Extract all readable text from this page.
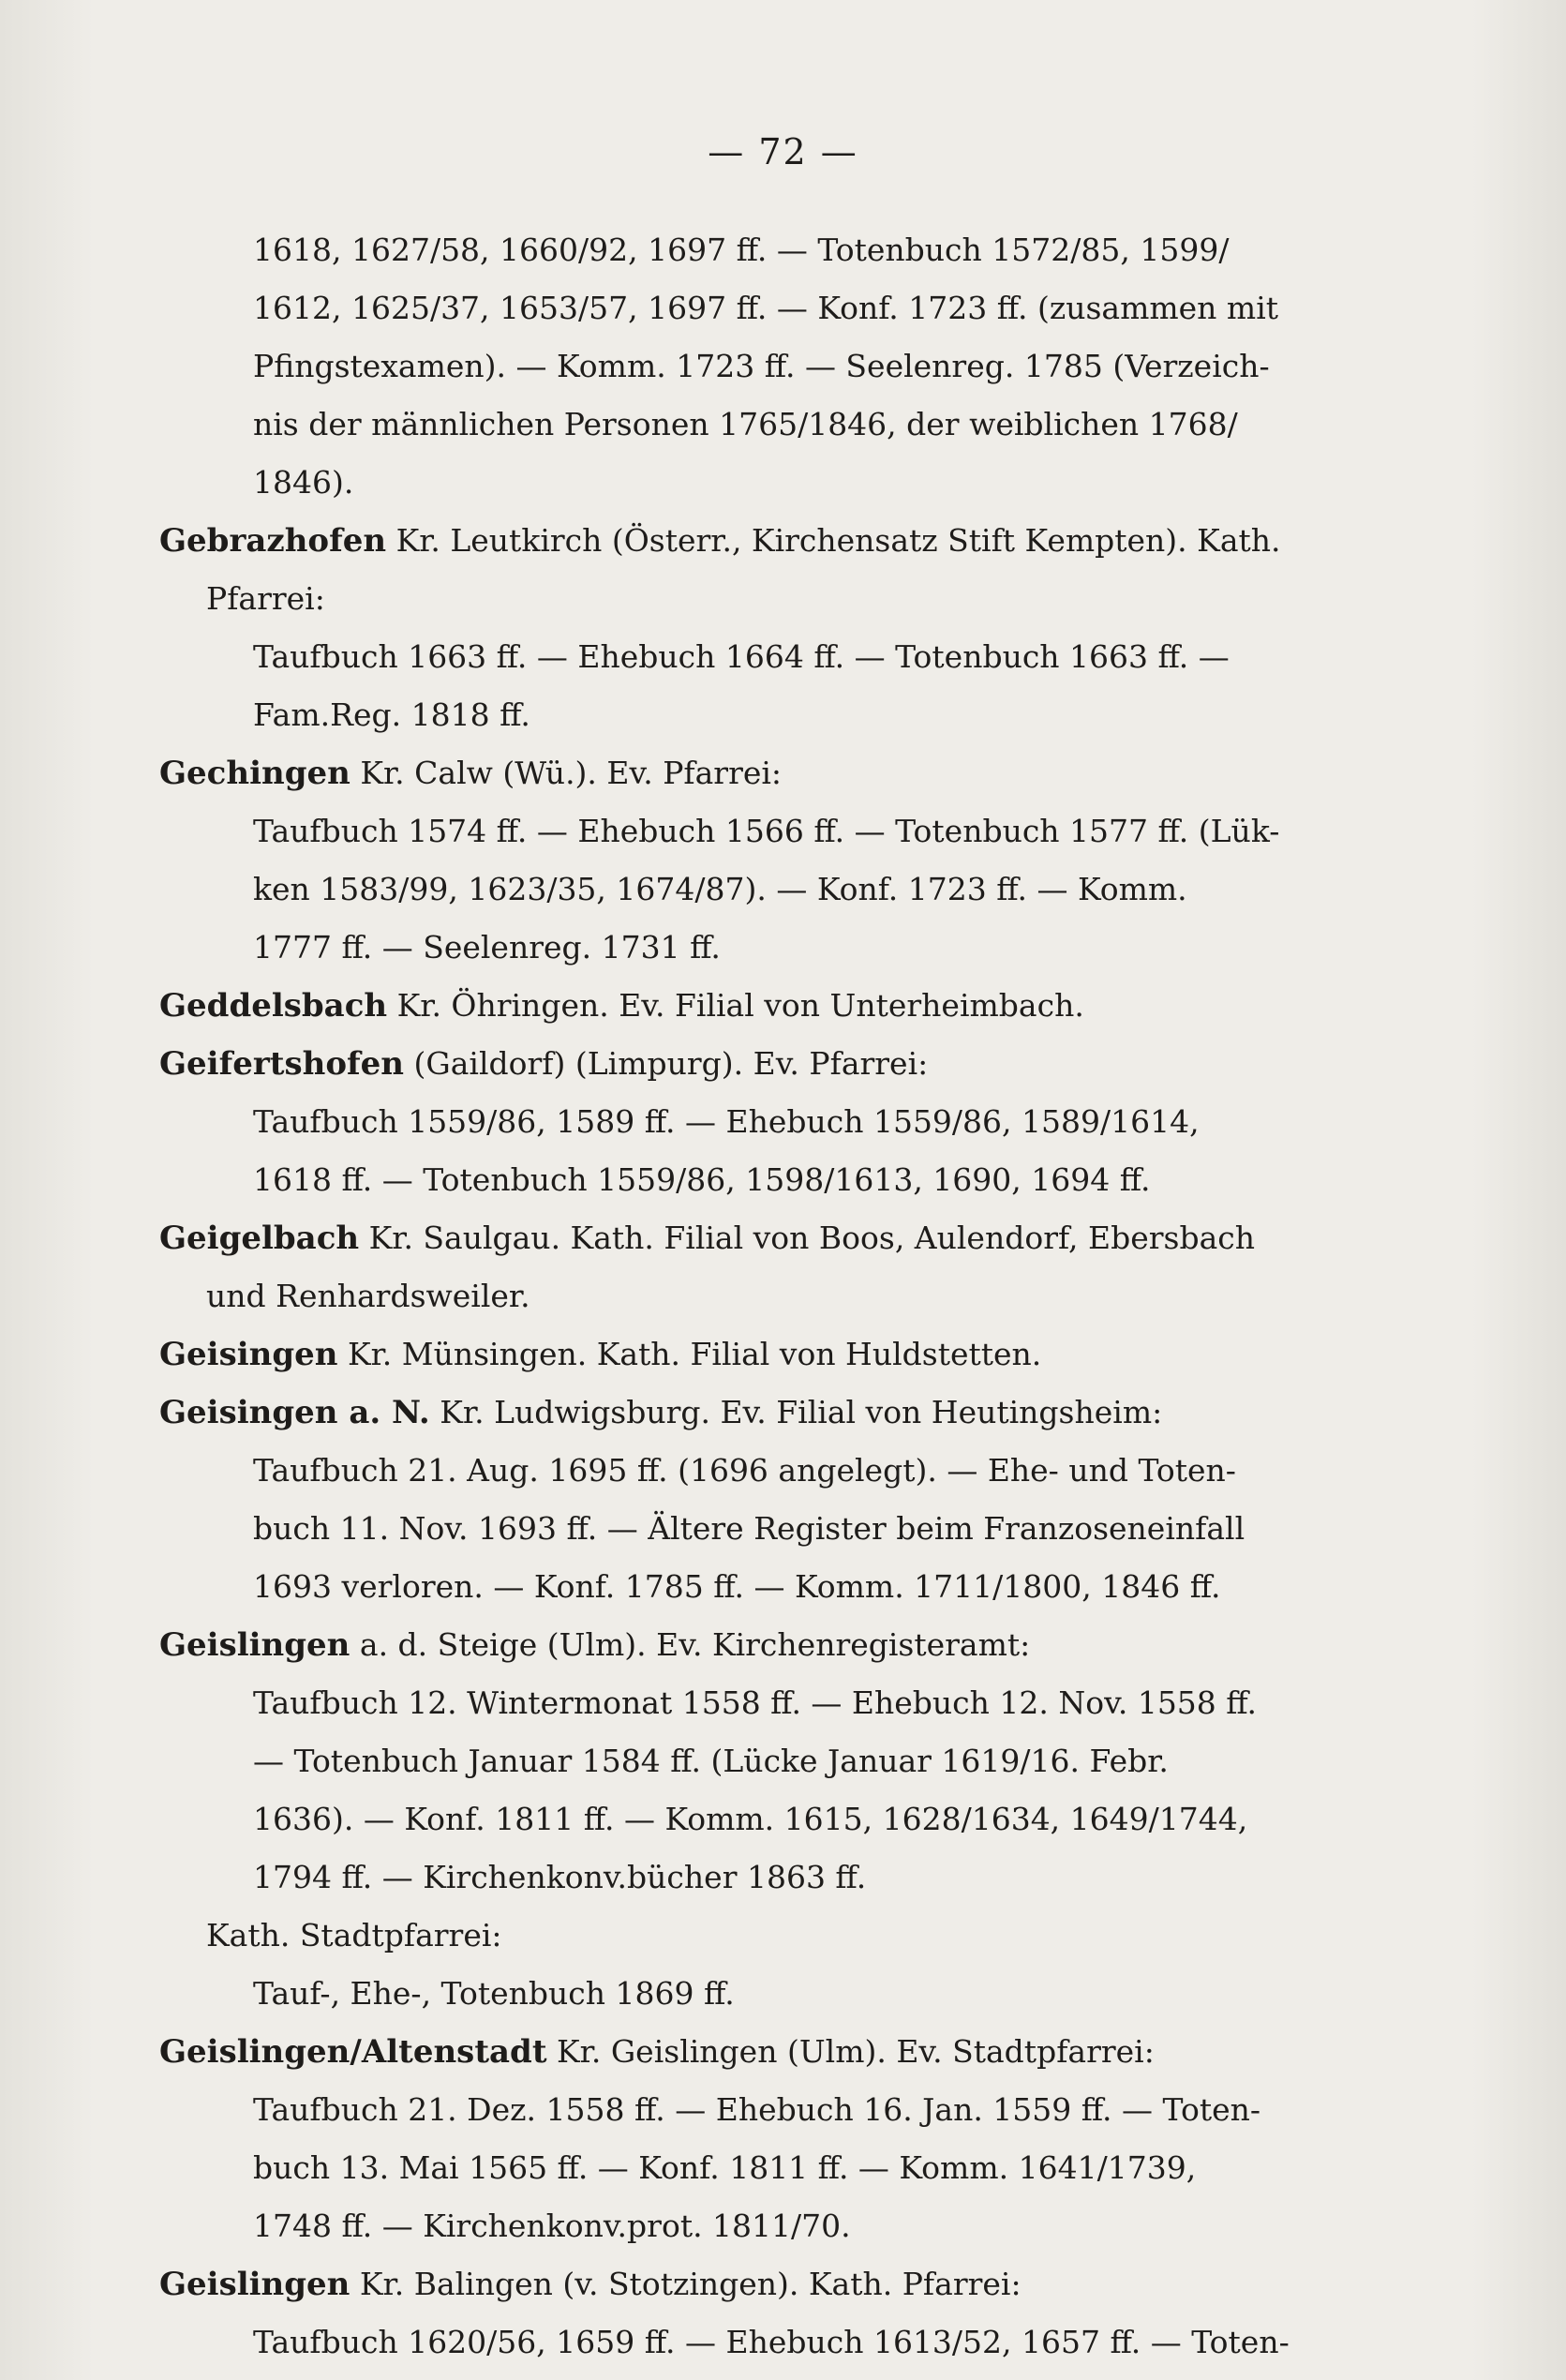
— 72 —
1618, 1627/58, 1660/92, 1697 ff. — Totenbuch 1572/85, 1599/
1612, 1625/37, 1653/57, 1697 ff. — Konf. 1723 ff. (zusammen mit
Pfingstexamen). — Komm. 1723 ff. — Seelenreg. 1785 (Verzeich-
nis der männlichen Personen 1765/1846, der weiblichen 1768/
1846).
Gebrazhofen Kr. Leutkirch (Österr., Kirchensatz Stift Kempten). Kath.
Pfarrei:
Taufbuch 1663 ff. — Ehebuch 1664 ff. — Totenbuch 1663 ff. —
Fam.Reg. 1818 ff.
Gechingen Kr. Calw (Wü.). Ev. Pfarrei:
Taufbuch 1574 ff. — Ehebuch 1566 ff. — Totenbuch 1577 ff. (Lük-
ken 1583/99, 1623/35, 1674/87). — Konf. 1723 ff. — Komm.
1777 ff. — Seelenreg. 1731 ff.
Geddelsbach Kr. Öhringen. Ev. Filial von Unterheimbach.
Geifertshofen (Gaildorf) (Limpurg). Ev. Pfarrei:
Taufbuch 1559/86, 1589 ff. — Ehebuch 1559/86, 1589/1614,
1618 ff. — Totenbuch 1559/86, 1598/1613, 1690, 1694 ff.
Geigelbach Kr. Saulgau. Kath. Filial von Boos, Aulendorf, Ebersbach
und Renhardsweiler.
Geisingen Kr. Münsingen. Kath. Filial von Huldstetten.
Geisingen a. N. Kr. Ludwigsburg. Ev. Filial von Heutingsheim:
Taufbuch 21. Aug. 1695 ff. (1696 angelegt). — Ehe- und Toten-
buch 11. Nov. 1693 ff. — Ältere Register beim Franzoseneinfall
1693 verloren. — Konf. 1785 ff. — Komm. 1711/1800, 1846 ff.
Geislingen a. d. Steige (Ulm). Ev. Kirchenregisteramt:
Taufbuch 12. Wintermonat 1558 ff. — Ehebuch 12. Nov. 1558 ff.
— Totenbuch Januar 1584 ff. (Lücke Januar 1619/16. Febr.
1636). — Konf. 1811 ff. — Komm. 1615, 1628/1634, 1649/1744,
1794 ff. — Kirchenkonv.bücher 1863 ff.
Kath. Stadtpfarrei:
Tauf-, Ehe-, Totenbuch 1869 ff.
Geislingen/Altenstadt Kr. Geislingen (Ulm). Ev. Stadtpfarrei:
Taufbuch 21. Dez. 1558 ff. — Ehebuch 16. Jan. 1559 ff. — Toten-
buch 13. Mai 1565 ff. — Konf. 1811 ff. — Komm. 1641/1739,
1748 ff. — Kirchenkonv.prot. 1811/70.
Geislingen Kr. Balingen (v. Stotzingen). Kath. Pfarrei:
Taufbuch 1620/56, 1659 ff. — Ehebuch 1613/52, 1657 ff. — Toten-
